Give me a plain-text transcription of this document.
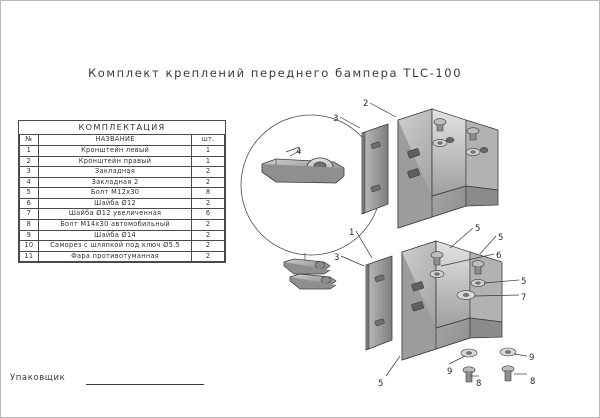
Комплект креплений переднего бампера TLC-100
КОМПЛЕКТАЦИЯ		
№	НАЗВАНИЕ	шт.
1	Кронштейн левый	1
2	Кронштейн правый	1
3	Закладная	2
4	Закладная 2	2
5	Болт М12х30	8
6	Шайба Ø12	2
7	Шайба Ø12 увеличенная	6
8	Болт М14х30 автомобильный	2
9	Шайба Ø14	2
10	Саморез с шляпкой под ключ Ø5.5	2
11	Фара противотуманная	2
Упаковщик
1
2
3
3
4
5
5
5
5
6
7
8	8
9
9
